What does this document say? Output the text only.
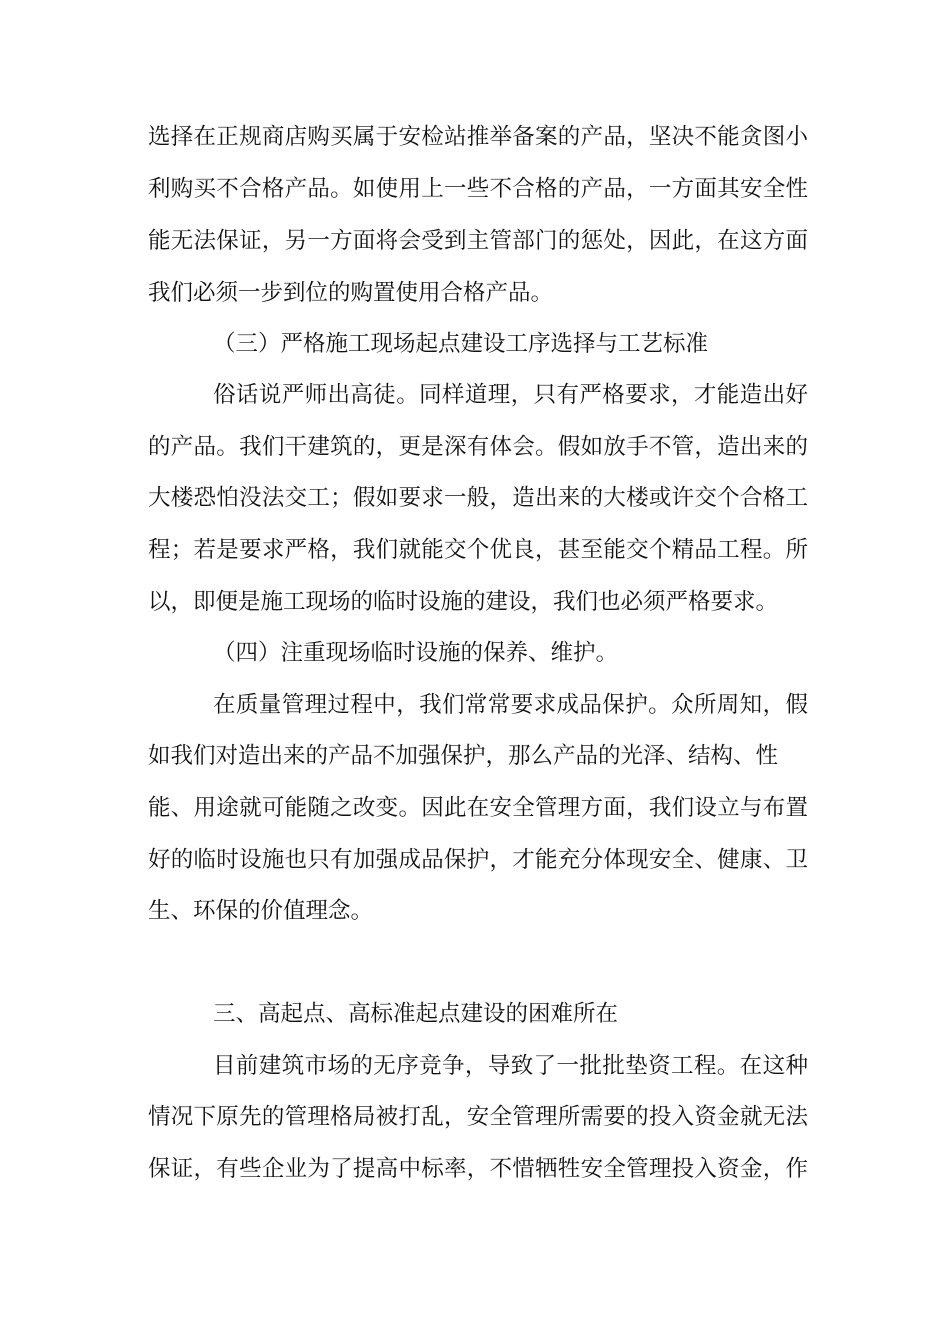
选择在正规商店购买属于安检站推举备案的产品，坚决不能贪图小
利购买不合格产品。如使用上一些不合格的产品，一方面其安全性
能无法保证，另一方面将会受到主管部门的惩处，因此，在这方面
我们必须一步到位的购置使用合格产品。
（三）严格施工现场起点建设工序选择与工艺标准
俗话说严师出高徒。同样道理，只有严格要求，才能造出好
的产品。我们干建筑的，更是深有体会。假如放手不管，造出来的
大楼恐怕没法交工；假如要求一般，造出来的大楼或许交个合格工
程；若是要求严格，我们就能交个优良，甚至能交个精品工程。所
以，即便是施工现场的临时设施的建设，我们也必须严格要求。
（四）注重现场临时设施的保养、维护。
在质量管理过程中，我们常常要求成品保护。众所周知，假
如我们对造出来的产品不加强保护，那么产品的光泽、结构、性
能、用途就可能随之改变。因此在安全管理方面，我们设立与布置
好的临时设施也只有加强成品保护，才能充分体现安全、健康、卫
生、环保的价值理念。
三、高起点、高标准起点建设的困难所在
目前建筑市场的无序竞争，导致了一批批垫资工程。在这种
情况下原先的管理格局被打乱，安全管理所需要的投入资金就无法
保证，有些企业为了提高中标率，不惜牺牲安全管理投入资金，作
